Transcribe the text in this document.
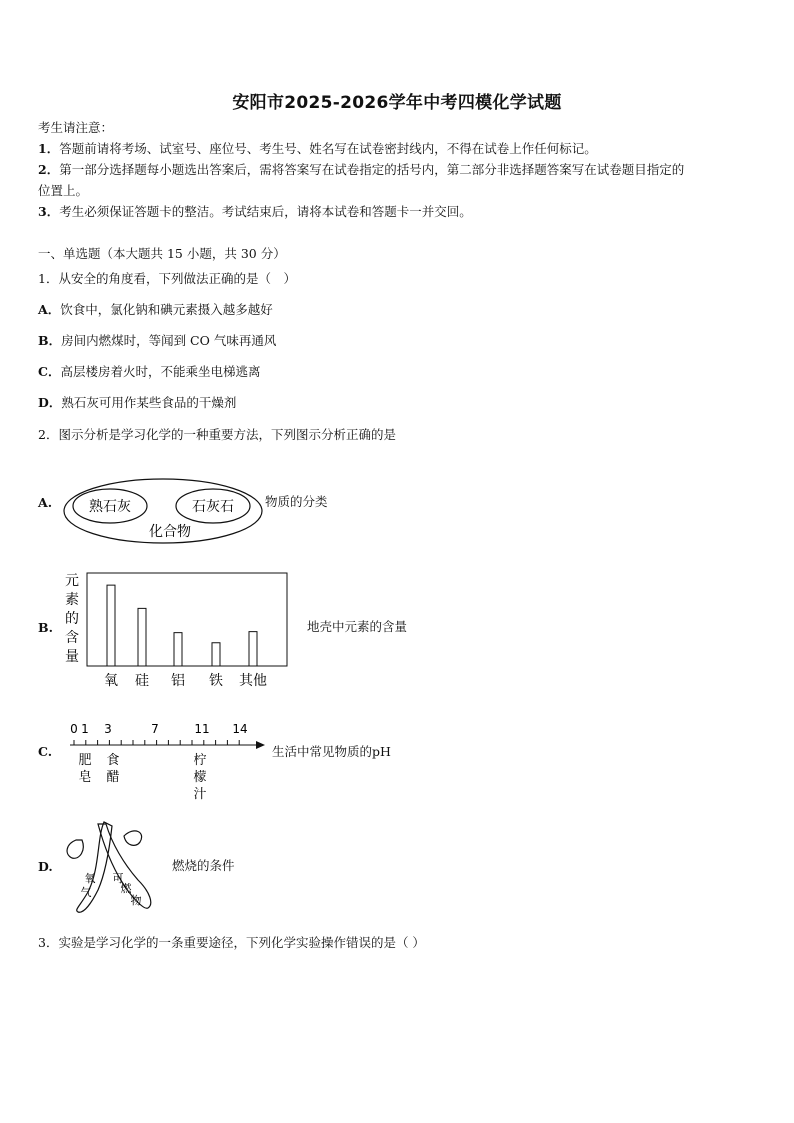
安阳市2025-2026学年中考四模化学试题
考生请注意：
1．答题前请将考场、试室号、座位号、考生号、姓名写在试卷密封线内，不得在试卷上作任何标记。
2．第一部分选择题每小题选出答案后，需将答案写在试卷指定的括号内，第二部分非选择题答案写在试卷题目指定的
位置上。
3．考生必须保证答题卡的整洁。考试结束后，请将本试卷和答题卡一并交回。
一、单选题（本大题共 15 小题，共 30 分）
1．从安全的角度看，下列做法正确的是（　）
A．饮食中，氯化钠和碘元素摄入越多越好
B．房间内燃煤时，等闻到 CO 气味再通风
C．高层楼房着火时，不能乘坐电梯逃离
D．熟石灰可用作某些食品的干燥剂
2．图示分析是学习化学的一种重要方法，下列图示分析正确的是
A.	熟石灰	石灰石
化合物
物质的分类
B.
元
素
的
含
量
氧 硅 铝 铁 其他
地壳中元素的含量
C.
0 1 3	7	11 14
肥
皂
食
醋
柠
檬
汁
生活中常见物质的pH
D.
氧
气
可
燃
物
燃烧的条件
3．实验是学习化学的一条重要途径，下列化学实验操作错误的是（ ）
